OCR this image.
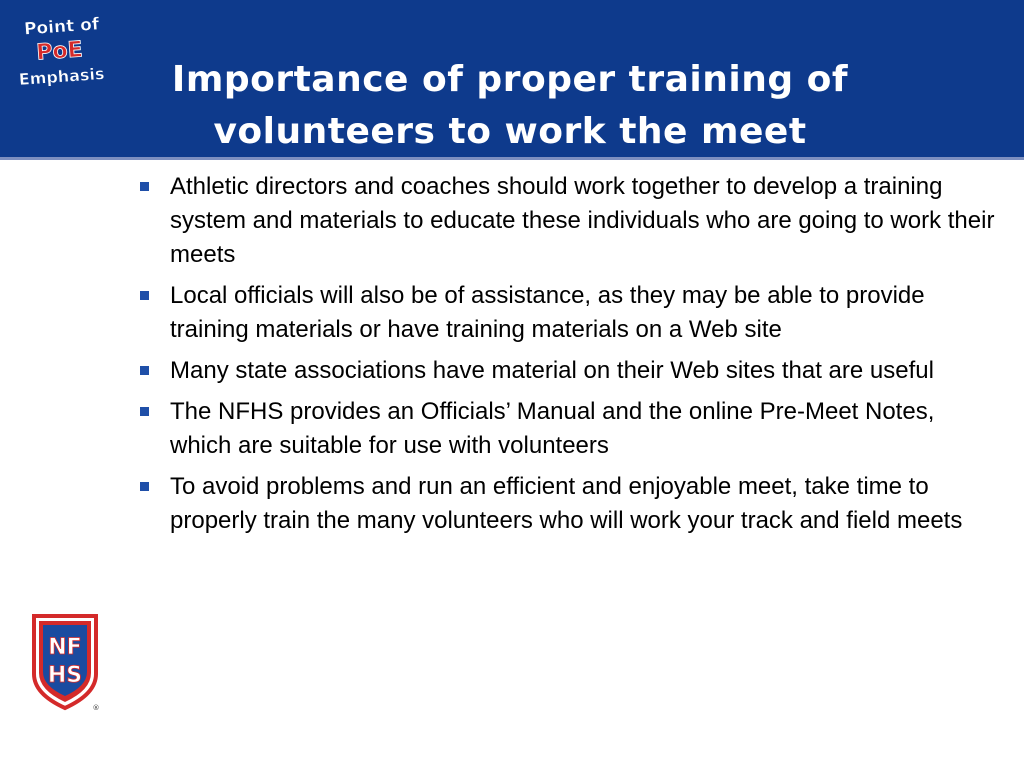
Point of
PoE
Emphasis	Importance of proper training of volunteers to work the meet
Athletic directors and coaches should work together to develop a training system and materials to educate these individuals who are going to work their meets
Local officials will also be of assistance, as they may be able to provide training materials or have training materials on a Web site
Many state associations have material on their Web sites that are useful
The NFHS provides an Officials’ Manual and the online Pre-Meet Notes, which are suitable for use with volunteers
To avoid problems and run an efficient and enjoyable meet, take time to properly train the many volunteers who will work your track and field meets
NF
HS
®
